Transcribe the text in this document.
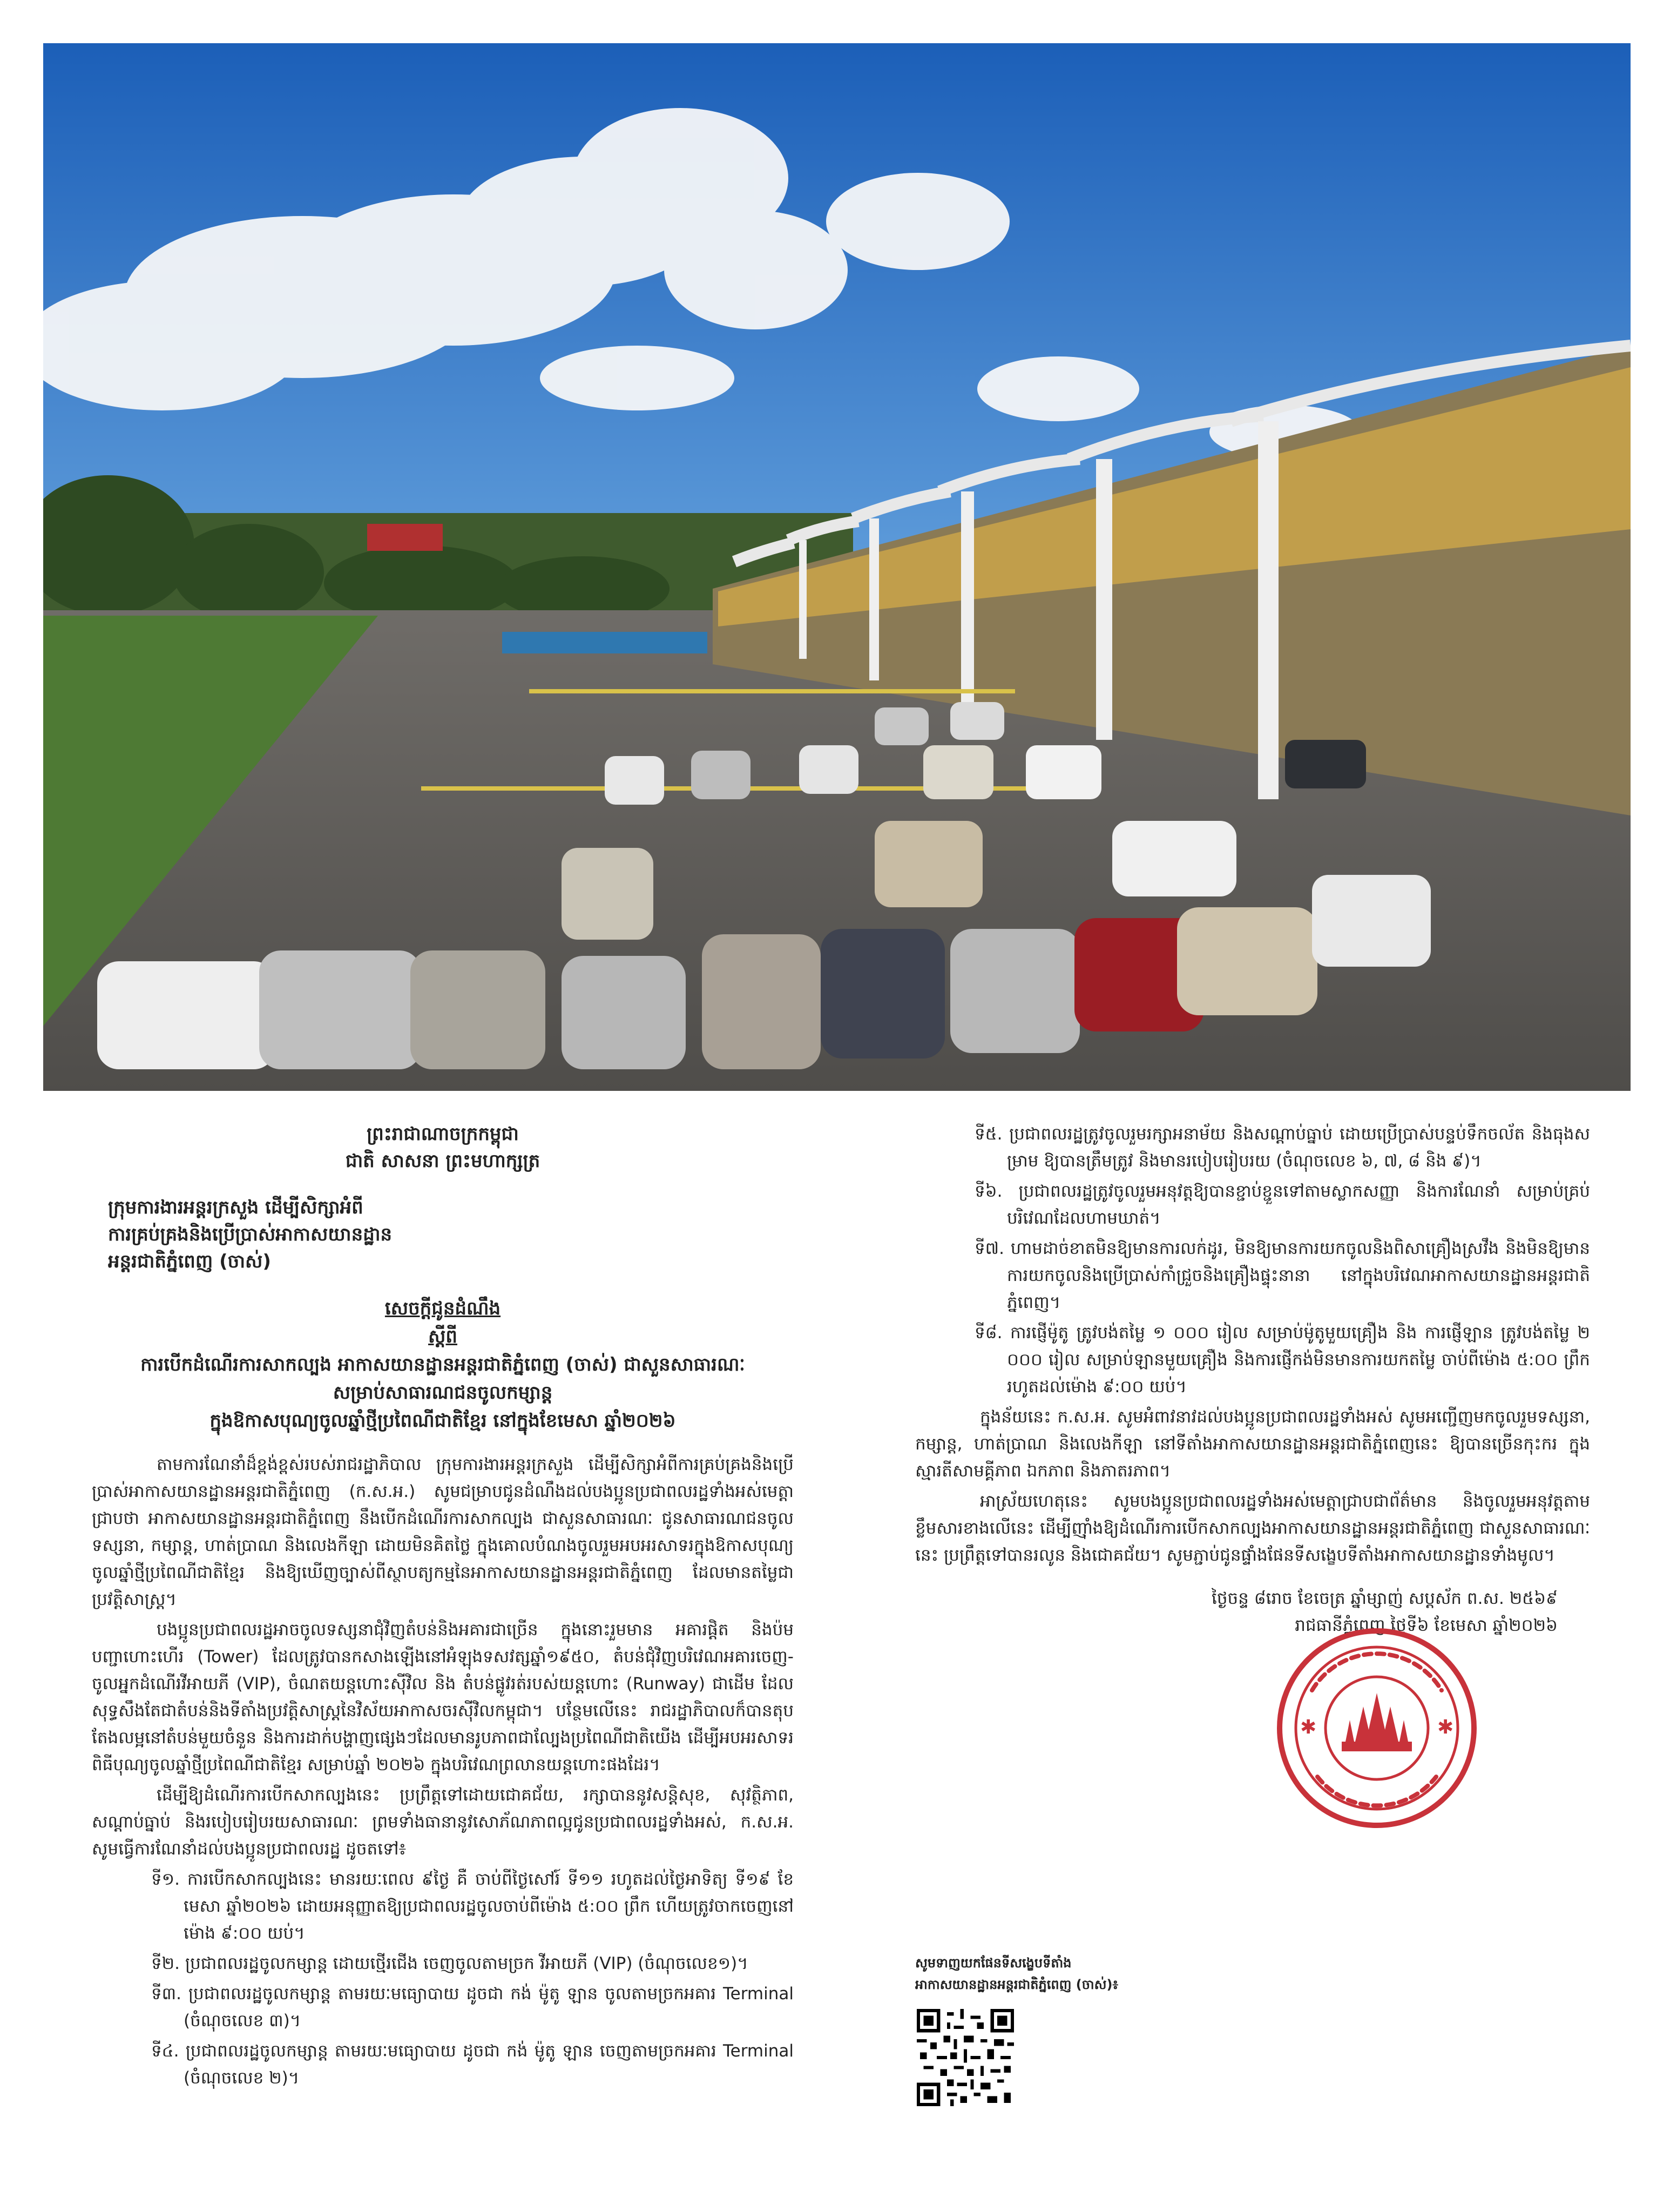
ព្រះរាជាណាចក្រកម្ពុជា

ជាតិ សាសនា ព្រះមហាក្សត្រ

ក្រុមការងារអន្តរក្រសួង ដើម្បីសិក្សាអំពី
ការគ្រប់គ្រងនិងប្រើប្រាស់អាកាសយានដ្ឋាន
អន្តរជាតិភ្នំពេញ (ចាស់)
សេចក្តីជូនដំណឹង
ស្តីពី
ការបើកដំណើរការសាកល្បង អាកាសយានដ្ឋានអន្តរជាតិភ្នំពេញ (ចាស់) ជាសួនសាធារណៈ
សម្រាប់សាធារណជនចូលកម្សាន្ត
ក្នុងឱកាសបុណ្យចូលឆ្នាំថ្មីប្រពៃណីជាតិខ្មែរ នៅក្នុងខែមេសា ឆ្នាំ២០២៦

តាមការណែនាំដ៏ខ្ពង់ខ្ពស់របស់រាជរដ្ឋាភិបាល ក្រុមការងារអន្តរក្រសួង ដើម្បីសិក្សាអំពីការគ្រប់គ្រងនិងប្រើប្រាស់អាកាសយានដ្ឋានអន្តរជាតិភ្នំពេញ (ក.ស.អ.) សូមជម្រាបជូនដំណឹងដល់បងប្អូនប្រជាពលរដ្ឋទាំងអស់មេត្តាជ្រាបថា អាកាសយានដ្ឋានអន្តរជាតិភ្នំពេញ នឹងបើកដំណើរការសាកល្បង ជាសួនសាធារណៈ ជូនសាធារណជនចូលទស្សនា, កម្សាន្ត, ហាត់ប្រាណ និងលេងកីឡា ដោយមិនគិតថ្លៃ ក្នុងគោលបំណងចូលរួមអបអរសាទរក្នុងឱកាសបុណ្យចូលឆ្នាំថ្មីប្រពៃណីជាតិខ្មែរ និងឱ្យឃើញច្បាស់ពីស្ថាបត្យកម្មនៃអាកាសយានដ្ឋានអន្តរជាតិភ្នំពេញ ដែលមានតម្លៃជាប្រវត្តិសាស្ត្រ។

បងប្អូនប្រជាពលរដ្ឋអាចចូលទស្សនាជុំវិញតំបន់និងអគារជាច្រើន ក្នុងនោះរួមមាន អគារផ្តិត និងប៉មបញ្ជាហោះហើរ (Tower) ដែលត្រូវបានកសាងឡើងនៅអំឡុងទសវត្សឆ្នាំ១៩៥០, តំបន់ជុំវិញបរិវេណអគារចេញ-ចូលអ្នកដំណើរវីអាយភី (VIP), ចំណតយន្តហោះស៊ីវិល និង តំបន់ផ្លូវរត់របស់យន្តហោះ (Runway) ជាដើម ដែលសុទ្ធសឹងតែជាតំបន់និងទីតាំងប្រវត្តិសាស្ត្រនៃវិស័យអាកាសចរស៊ីវិលកម្ពុជា។ បន្ថែមលើនេះ រាជរដ្ឋាភិបាលក៏បានតុបតែងលម្អនៅតំបន់មួយចំនួន និងការដាក់បង្ហាញផ្សេងៗដែលមានរូបភាពជាល្បែងប្រពៃណីជាតិយើង ដើម្បីអបអរសាទរពិធីបុណ្យចូលឆ្នាំថ្មីប្រពៃណីជាតិខ្មែរ សម្រាប់ឆ្នាំ ២០២៦ ក្នុងបរិវេណព្រលានយន្តហោះផងដែរ។

ដើម្បីឱ្យដំណើរការបើកសាកល្បងនេះ ប្រព្រឹត្តទៅដោយជោគជ័យ, រក្សាបាននូវសន្តិសុខ, សុវត្ថិភាព, សណ្តាប់ធ្នាប់ និងរបៀបរៀបរយសាធារណៈ ព្រមទាំងធានានូវសោភ័ណភាពល្អជូនប្រជាពលរដ្ឋទាំងអស់, ក.ស.អ. សូមធ្វើការណែនាំដល់បងប្អូនប្រជាពលរដ្ឋ ដូចតទៅ៖

ទី១. ការបើកសាកល្បងនេះ មានរយៈពេល ៩ថ្ងៃ គឺ ចាប់ពីថ្ងៃសៅរ៍ ទី១១ រហូតដល់ថ្ងៃអាទិត្យ ទី១៩ ខែមេសា ឆ្នាំ២០២៦ ដោយអនុញ្ញាតឱ្យប្រជាពលរដ្ឋចូលចាប់ពីម៉ោង ៥:០០ ព្រឹក ហើយត្រូវចាកចេញនៅម៉ោង ៩:០០ យប់។

ទី២. ប្រជាពលរដ្ឋចូលកម្សាន្ត ដោយថ្មើរជើង ចេញចូលតាមច្រក វីអាយភី (VIP) (ចំណុចលេខ១)។

ទី៣. ប្រជាពលរដ្ឋចូលកម្សាន្ត តាមរយៈមធ្យោបាយ ដូចជា កង់ ម៉ូតូ ឡាន ចូលតាមច្រកអគារ Terminal (ចំណុចលេខ ៣)។

ទី៤. ប្រជាពលរដ្ឋចូលកម្សាន្ត តាមរយៈមធ្យោបាយ ដូចជា កង់ ម៉ូតូ ឡាន ចេញតាមច្រកអគារ Terminal (ចំណុចលេខ ២)។

ទី៥. ប្រជាពលរដ្ឋត្រូវចូលរួមរក្សាអនាម័យ និងសណ្តាប់ធ្នាប់ ដោយប្រើប្រាស់បន្ទប់ទឹកចល័ត និងធុងសម្រាម ឱ្យបានត្រឹមត្រូវ និងមានរបៀបរៀបរយ (ចំណុចលេខ ៦, ៧, ៨ និង ៩)។

ទី៦. ប្រជាពលរដ្ឋត្រូវចូលរួមអនុវត្តឱ្យបានខ្ជាប់ខ្ជួនទៅតាមស្លាកសញ្ញា និងការណែនាំ សម្រាប់គ្រប់បរិវេណដែលហាមឃាត់។

ទី៧. ហាមដាច់ខាតមិនឱ្យមានការលក់ដូរ, មិនឱ្យមានការយកចូលនិងពិសាគ្រឿងស្រវឹង និងមិនឱ្យមានការយកចូលនិងប្រើប្រាស់កាំជ្រួចនិងគ្រឿងផ្ទុះនានា នៅក្នុងបរិវេណអាកាសយានដ្ឋានអន្តរជាតិភ្នំពេញ។

ទី៨. ការផ្ញើម៉ូតូ ត្រូវបង់តម្លៃ ១ ០០០ រៀល សម្រាប់ម៉ូតូមួយគ្រឿង និង ការផ្ញើឡាន ត្រូវបង់តម្លៃ ២ ០០០ រៀល សម្រាប់ឡានមួយគ្រឿង និងការផ្ញើកង់មិនមានការយកតម្លៃ ចាប់ពីម៉ោង ៥:០០ ព្រឹក រហូតដល់ម៉ោង ៩:០០ យប់។

ក្នុងន័យនេះ ក.ស.អ. សូមអំពាវនាវដល់បងប្អូនប្រជាពលរដ្ឋទាំងអស់ សូមអញ្ជើញមកចូលរួមទស្សនា, កម្សាន្ត, ហាត់ប្រាណ និងលេងកីឡា នៅទីតាំងអាកាសយានដ្ឋានអន្តរជាតិភ្នំពេញនេះ ឱ្យបានច្រើនកុះករ ក្នុងស្មារតីសាមគ្គីភាព ឯកភាព និងភាតរភាព។

អាស្រ័យហេតុនេះ សូមបងប្អូនប្រជាពលរដ្ឋទាំងអស់មេត្តាជ្រាបជាព័ត៌មាន និងចូលរួមអនុវត្តតាមខ្លឹមសារខាងលើនេះ ដើម្បីញ៉ាំងឱ្យដំណើរការបើកសាកល្បងអាកាសយានដ្ឋានអន្តរជាតិភ្នំពេញ ជាសួនសាធារណៈនេះ ប្រព្រឹត្តទៅបានរលូន និងជោគជ័យ។ សូមភ្ជាប់ជូនផ្ទាំងផែនទីសង្ខេបទីតាំងអាកាសយានដ្ឋានទាំងមូល។

ថ្ងៃចន្ទ ៨រោច ខែចេត្រ ឆ្នាំម្សាញ់ សប្តស័ក ព.ស. ២៥៦៩
រាជធានីភ្នំពេញ ថ្ងៃទី៦ ខែមេសា ឆ្នាំ២០២៦
✱	✱
សូមទាញយកផែនទីសង្ខេបទីតាំង
អាកាសយានដ្ឋានអន្តរជាតិភ្នំពេញ (ចាស់)៖
